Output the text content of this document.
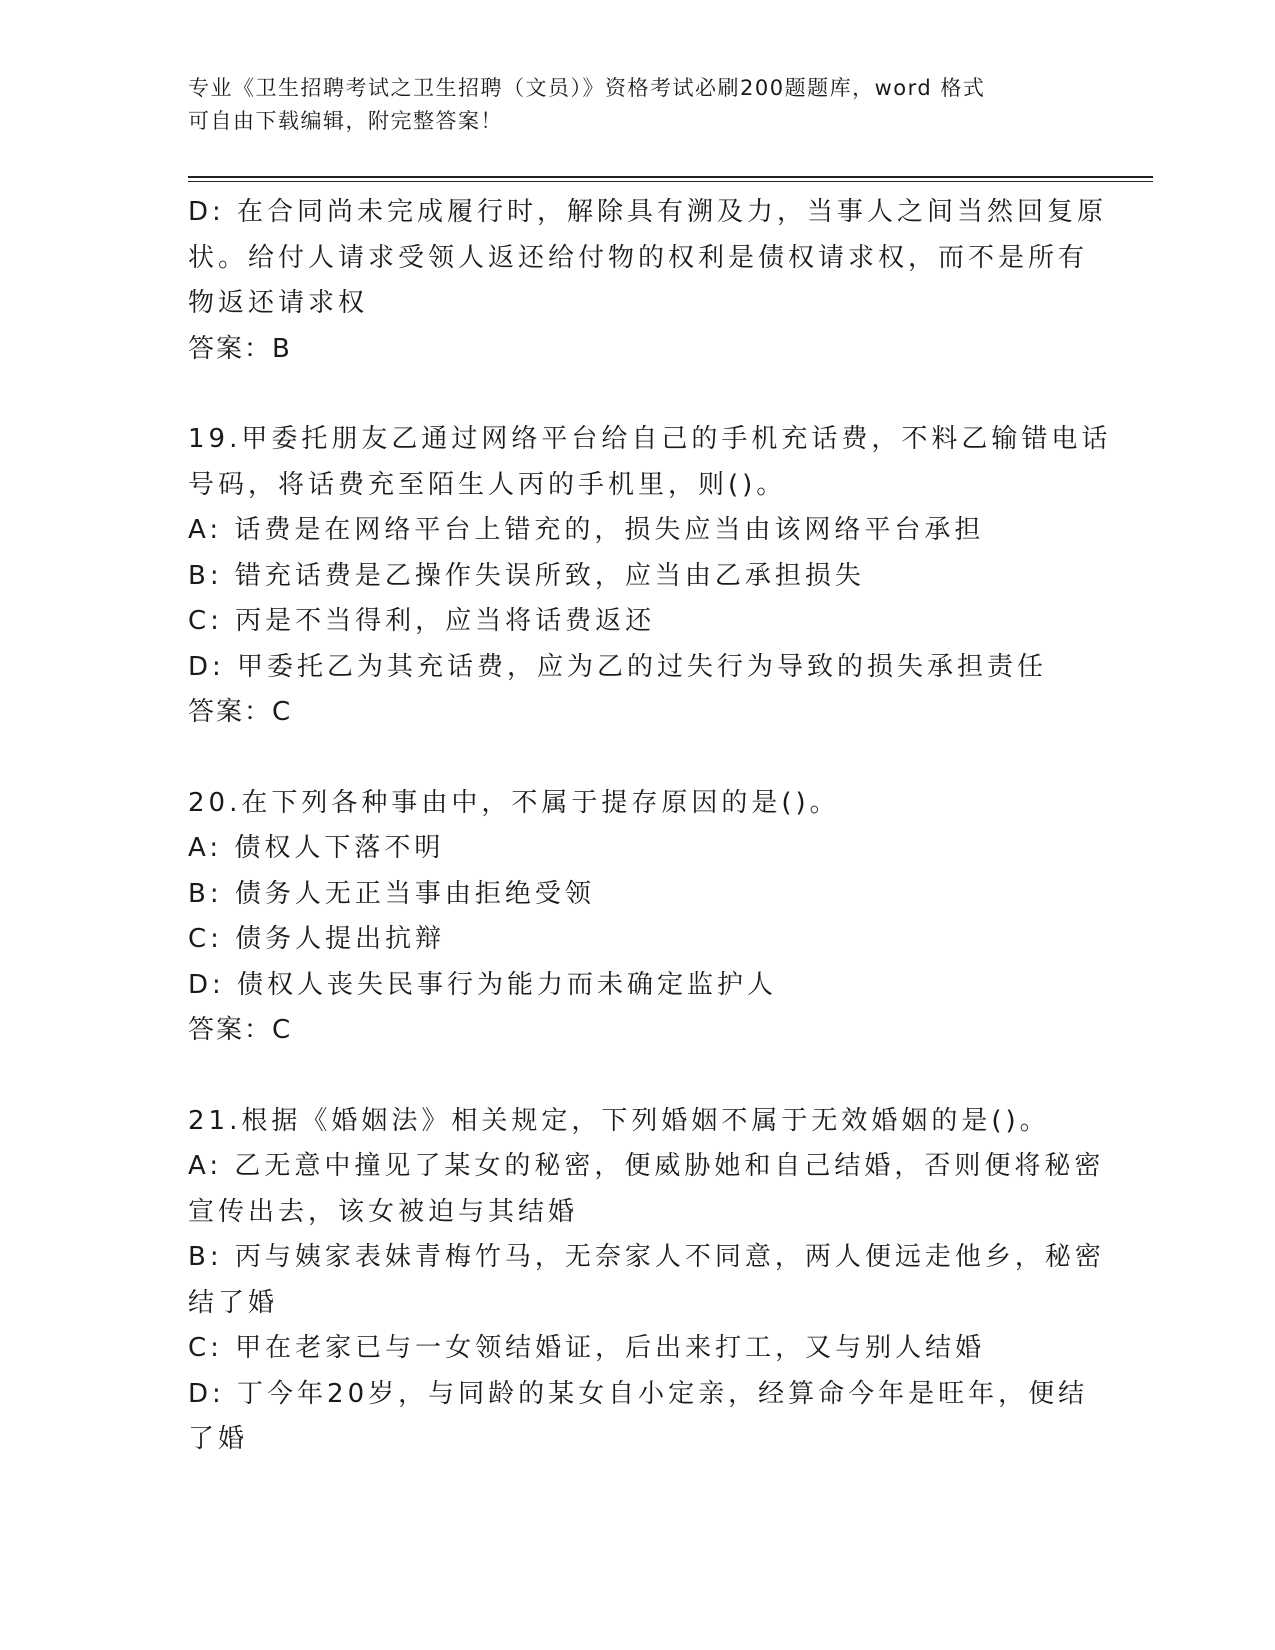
专业《卫生招聘考试之卫生招聘（文员）》资格考试必刷200题题库，word 格式
可自由下载编辑，附完整答案！
D: 在合同尚未完成履行时，解除具有溯及力，当事人之间当然回复原
状。给付人请求受领人返还给付物的权利是债权请求权，而不是所有
物返还请求权
答案：B
19.甲委托朋友乙通过网络平台给自己的手机充话费，不料乙输错电话
号码，将话费充至陌生人丙的手机里，则()。
A: 话费是在网络平台上错充的，损失应当由该网络平台承担
B: 错充话费是乙操作失误所致，应当由乙承担损失
C: 丙是不当得利，应当将话费返还
D: 甲委托乙为其充话费，应为乙的过失行为导致的损失承担责任
答案：C
20.在下列各种事由中，不属于提存原因的是()。
A: 债权人下落不明
B: 债务人无正当事由拒绝受领
C: 债务人提出抗辩
D: 债权人丧失民事行为能力而未确定监护人
答案：C
21.根据《婚姻法》相关规定，下列婚姻不属于无效婚姻的是()。
A: 乙无意中撞见了某女的秘密，便威胁她和自己结婚，否则便将秘密
宣传出去，该女被迫与其结婚
B: 丙与姨家表妹青梅竹马，无奈家人不同意，两人便远走他乡，秘密
结了婚
C: 甲在老家已与一女领结婚证，后出来打工，又与别人结婚
D: 丁今年20岁，与同龄的某女自小定亲，经算命今年是旺年，便结
了婚
